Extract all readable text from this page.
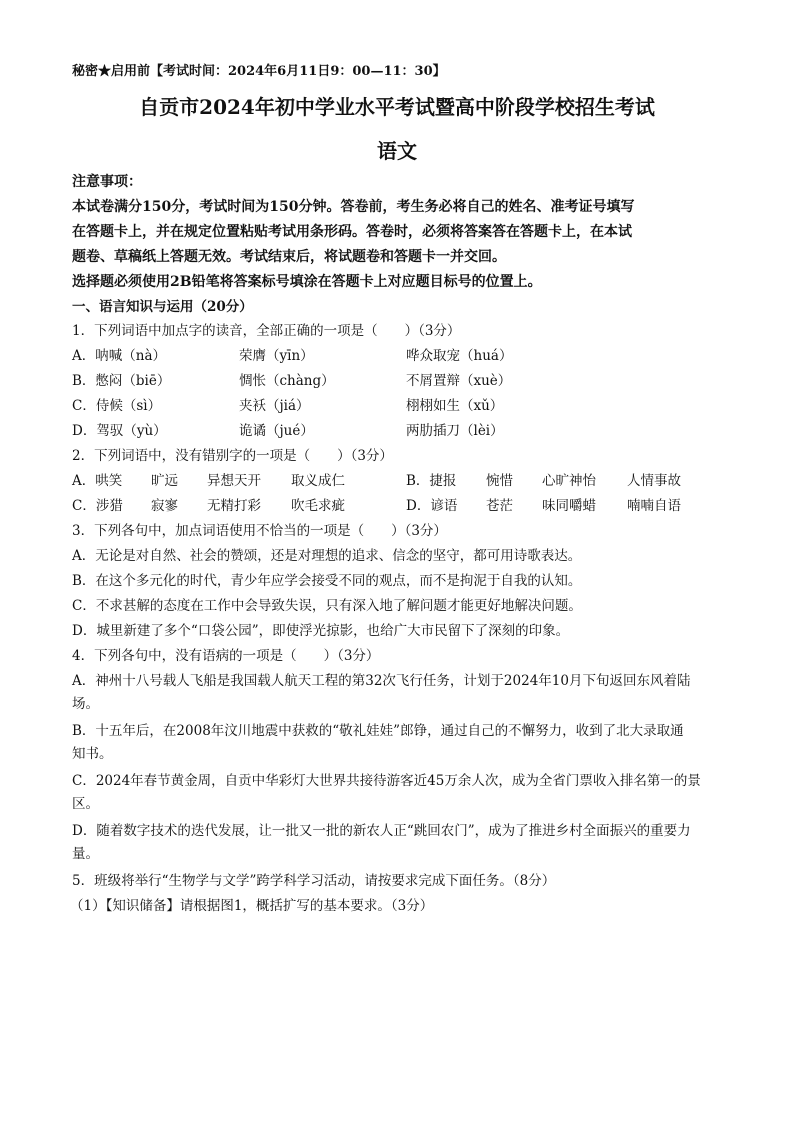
秘密★启用前【考试时间：2024年6月11日9：00—11：30】
自贡市2024年初中学业水平考试暨高中阶段学校招生考试
语文
注意事项：
本试卷满分150分，考试时间为150分钟。答卷前，考生务必将自己的姓名、准考证号填写
在答题卡上，并在规定位置粘贴考试用条形码。答卷时，必须将答案答在答题卡上，在本试
题卷、草稿纸上答题无效。考试结束后，将试题卷和答题卡一并交回。
选择题必须使用2B铅笔将答案标号填涂在答题卡上对应题目标号的位置上。
一、语言知识与运用（20分）
1．下列词语中加点字的读音，全部正确的一项是（　　）（3分）
A．呐喊（nà）	荣膺（yīn）	哗众取宠（huá）
B．憋闷（biē）	惆怅（chàng）	不屑置辩（xuè）
C．侍候（sì）	夹袄（jiá）	栩栩如生（xǔ）
D．驾驭（yù）	诡谲（jué）	两肋插刀（lèi）
2．下列词语中，没有错别字的一项是（　　）（3分）
A．哄笑 旷远 异想天开 取义成仁	B．捷报 惋惜 心旷神怡 人情事故
C．涉猎 寂寥 无精打彩 吹毛求疵	D．谚语 苍茫 味同嚼蜡 喃喃自语
3．下列各句中，加点词语使用不恰当的一项是（　　）（3分）
A．无论是对自然、社会的赞颂，还是对理想的追求、信念的坚守，都可用诗歌表达。
B．在这个多元化的时代，青少年应学会接受不同的观点，而不是拘泥于自我的认知。
C．不求甚解的态度在工作中会导致失误，只有深入地了解问题才能更好地解决问题。
D．城里新建了多个“口袋公园”，即使浮光掠影，也给广大市民留下了深刻的印象。
4．下列各句中，没有语病的一项是（　　）（3分）
A．神州十八号载人飞船是我国载人航天工程的第32次飞行任务，计划于2024年10月下旬返回东风着陆
场。
B．十五年后，在2008年汶川地震中获救的“敬礼娃娃”郎铮，通过自己的不懈努力，收到了北大录取通
知书。
C．2024年春节黄金周，自贡中华彩灯大世界共接待游客近45万余人次，成为全省门票收入排名第一的景
区。
D．随着数字技术的迭代发展，让一批又一批的新农人正“跳回农门”，成为了推进乡村全面振兴的重要力
量。
5．班级将举行“生物学与文学”跨学科学习活动，请按要求完成下面任务。（8分）
（1）【知识储备】请根据图1，概括扩写的基本要求。（3分）
